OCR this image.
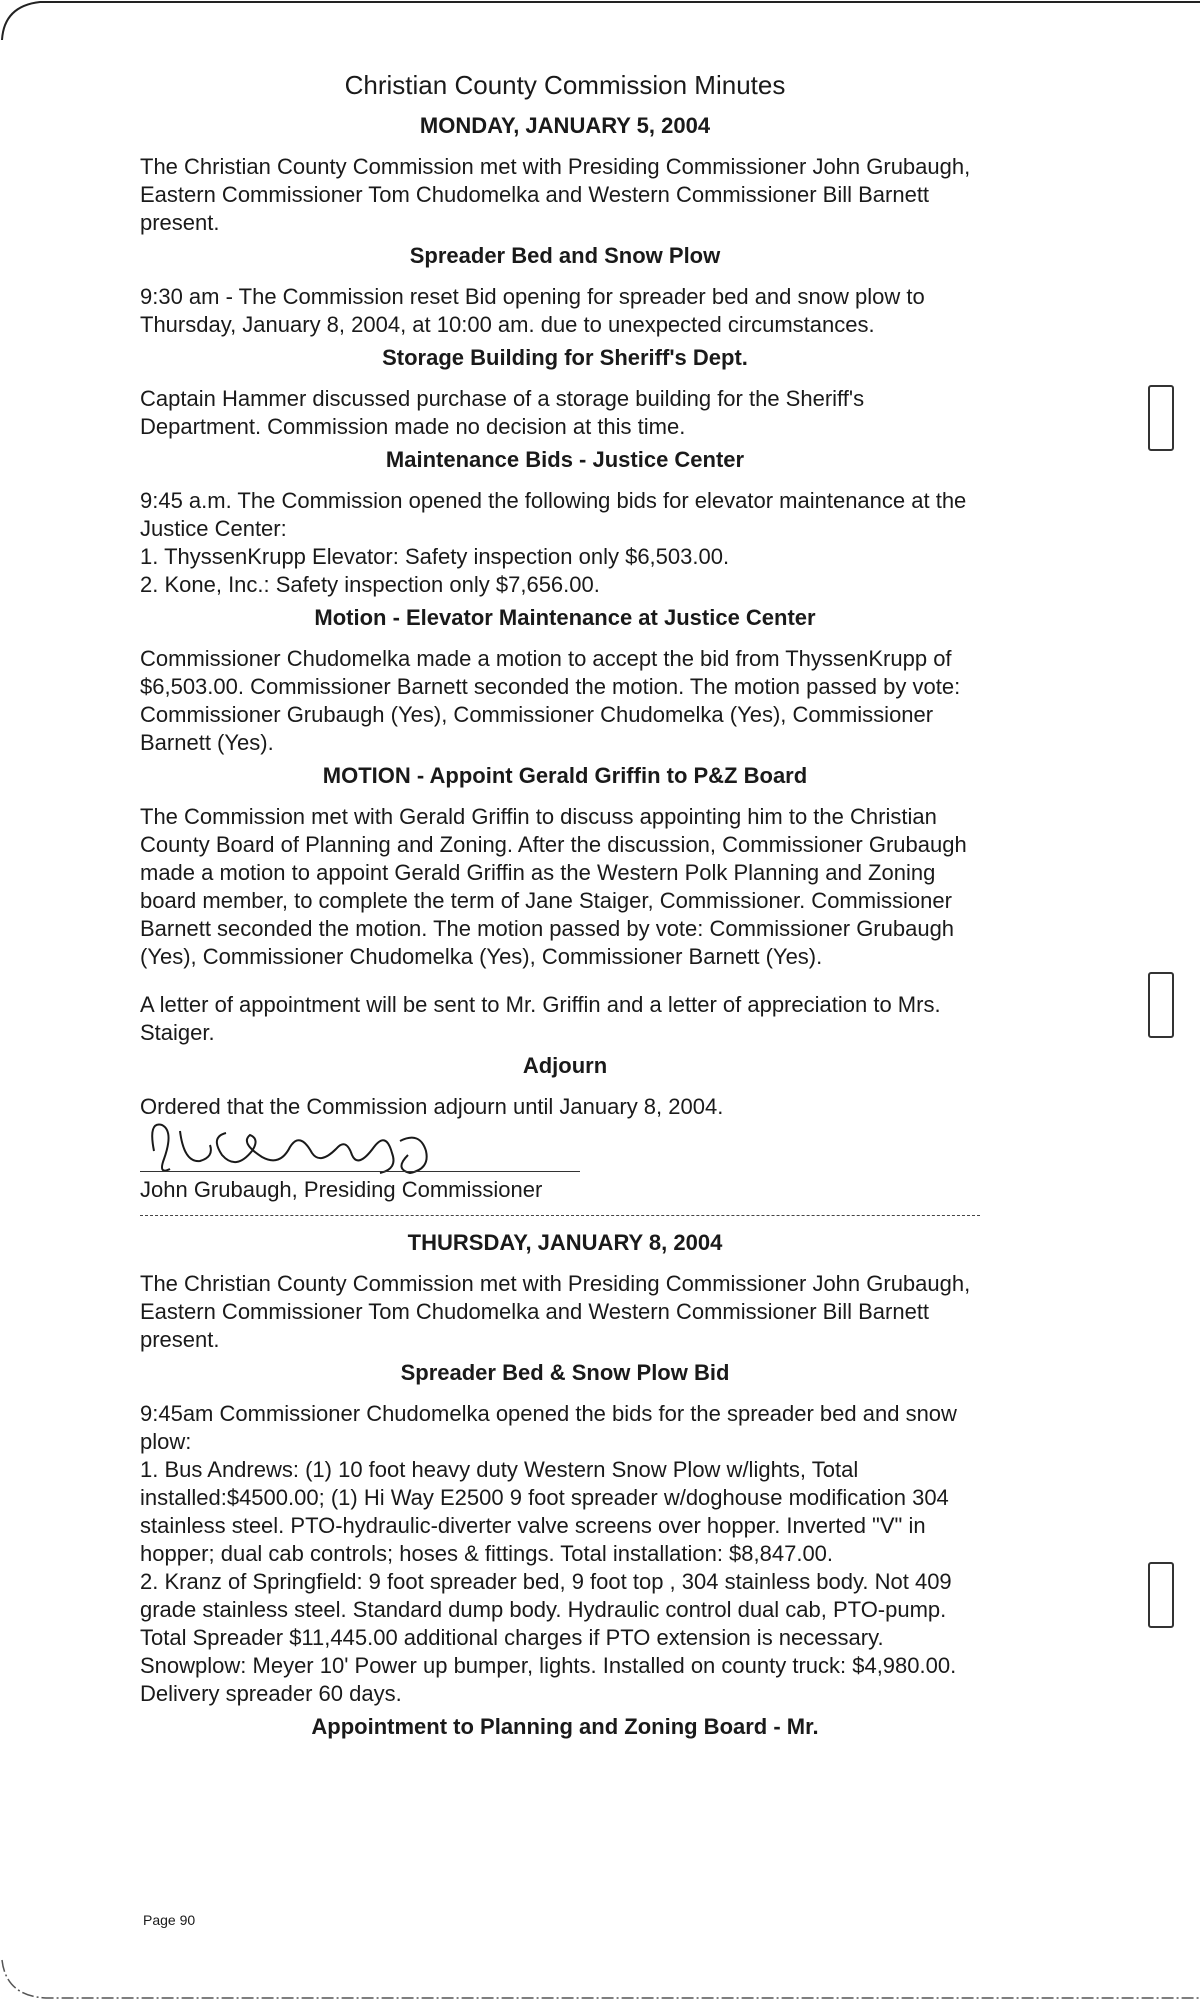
Christian County Commission Minutes
MONDAY, JANUARY 5, 2004

The Christian County Commission met with Presiding Commissioner John Grubaugh, Eastern Commissioner Tom Chudomelka and Western Commissioner Bill Barnett present.

Spreader Bed and Snow Plow

9:30 am - The Commission reset Bid opening for spreader bed and snow plow to Thursday, January 8, 2004, at 10:00 am. due to unexpected circumstances.

Storage Building for Sheriff's Dept.

Captain Hammer discussed purchase of a storage building for the Sheriff's Department. Commission made no decision at this time.

Maintenance Bids - Justice Center

9:45 a.m. The Commission opened the following bids for elevator maintenance at the Justice Center:

1. ThyssenKrupp Elevator: Safety inspection only $6,503.00.
2. Kone, Inc.: Safety inspection only $7,656.00.
Motion - Elevator Maintenance at Justice Center

Commissioner Chudomelka made a motion to accept the bid from ThyssenKrupp of $6,503.00. Commissioner Barnett seconded the motion. The motion passed by vote: Commissioner Grubaugh (Yes), Commissioner Chudomelka (Yes), Commissioner Barnett (Yes).

MOTION - Appoint Gerald Griffin to P&Z Board

The Commission met with Gerald Griffin to discuss appointing him to the Christian County Board of Planning and Zoning. After the discussion, Commissioner Grubaugh made a motion to appoint Gerald Griffin as the Western Polk Planning and Zoning board member, to complete the term of Jane Staiger, Commissioner. Commissioner Barnett seconded the motion. The motion passed by vote: Commissioner Grubaugh (Yes), Commissioner Chudomelka (Yes), Commissioner Barnett (Yes).

A letter of appointment will be sent to Mr. Griffin and a letter of appreciation to Mrs. Staiger.

Adjourn

Ordered that the Commission adjourn until January 8, 2004.

John Grubaugh, Presiding Commissioner
THURSDAY, JANUARY 8, 2004

The Christian County Commission met with Presiding Commissioner John Grubaugh, Eastern Commissioner Tom Chudomelka and Western Commissioner Bill Barnett present.

Spreader Bed & Snow Plow Bid

9:45am Commissioner Chudomelka opened the bids for the spreader bed and snow plow:

1. Bus Andrews: (1) 10 foot heavy duty Western Snow Plow w/lights, Total installed:$4500.00; (1) Hi Way E2500 9 foot spreader w/doghouse modification 304 stainless steel. PTO-hydraulic-diverter valve screens over hopper. Inverted "V" in hopper; dual cab controls; hoses & fittings. Total installation: $8,847.00.
2. Kranz of Springfield: 9 foot spreader bed, 9 foot top , 304 stainless body. Not 409 grade stainless steel. Standard dump body. Hydraulic control dual cab, PTO-pump. Total Spreader $11,445.00 additional charges if PTO extension is necessary. Snowplow: Meyer 10' Power up bumper, lights. Installed on county truck: $4,980.00. Delivery spreader 60 days.
Appointment to Planning and Zoning Board - Mr.
Page 90
